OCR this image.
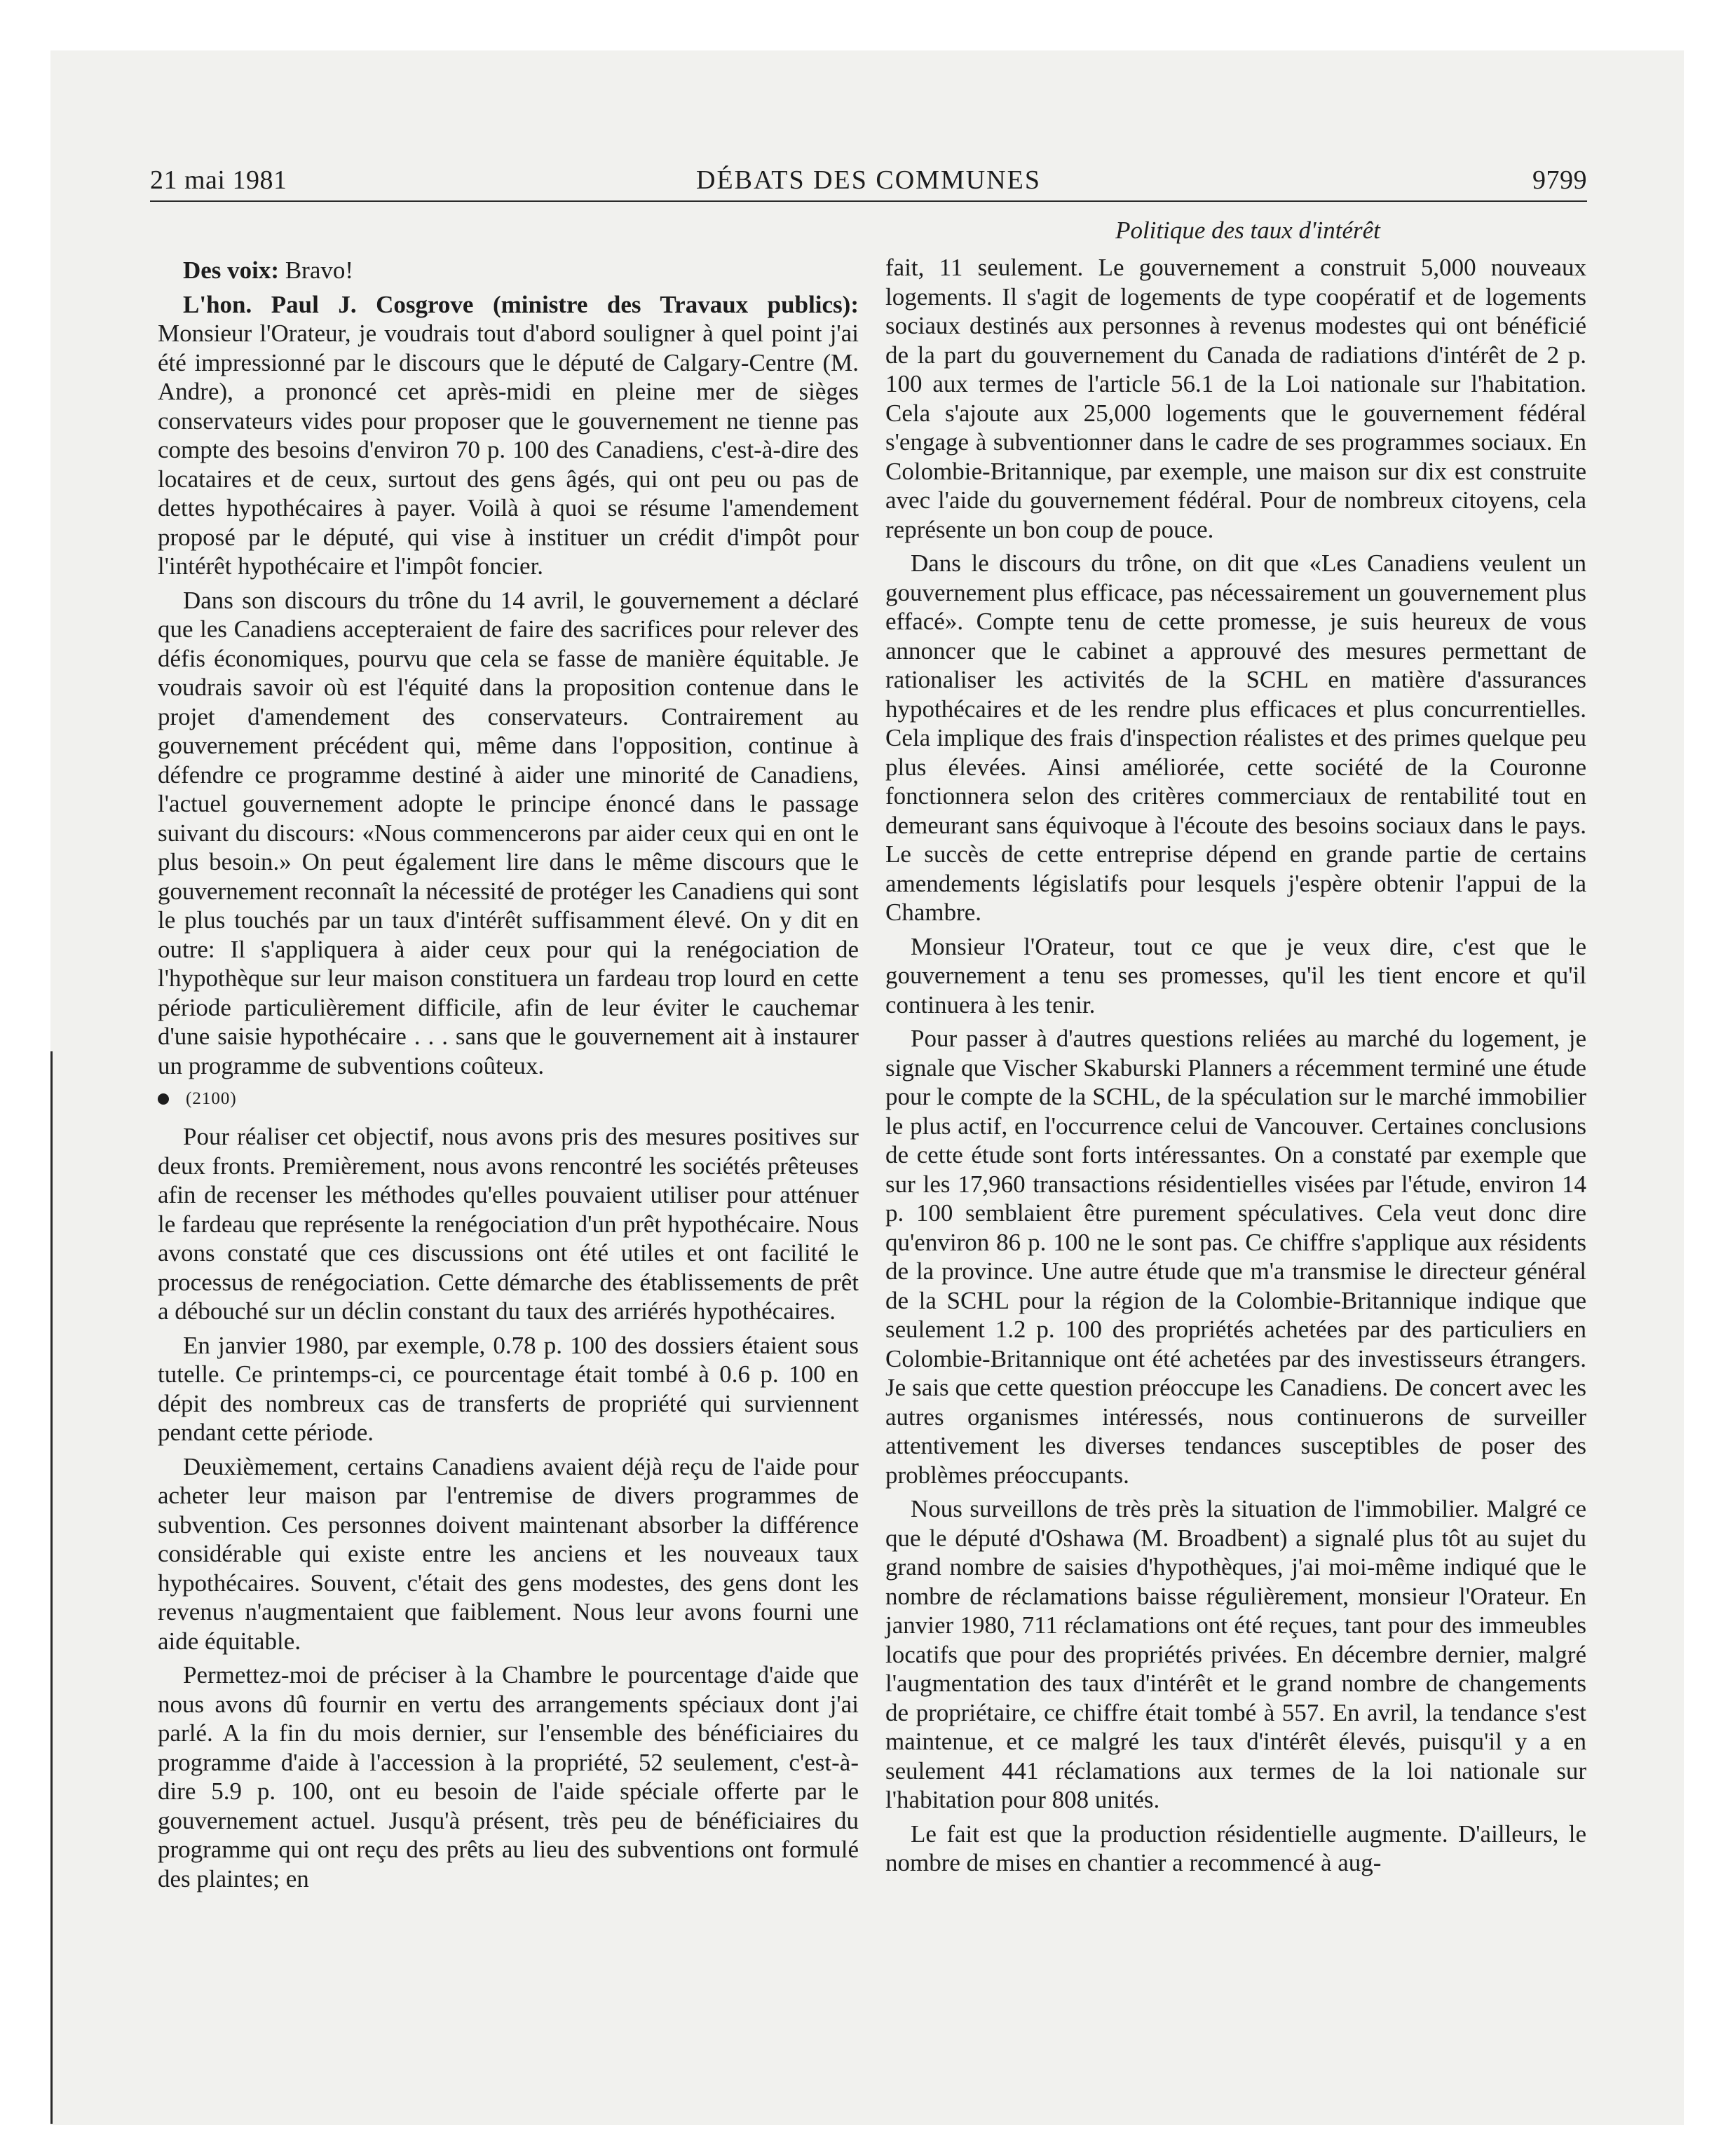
DÉBATS DES COMMUNES
21 mai 1981	9799
Politique des taux d'intérêt

Des voix: Bravo!

L'hon. Paul J. Cosgrove (ministre des Travaux publics): Monsieur l'Orateur, je voudrais tout d'abord souligner à quel point j'ai été impressionné par le discours que le député de Calgary-Centre (M. Andre), a prononcé cet après-midi en pleine mer de sièges conservateurs vides pour proposer que le gouvernement ne tienne pas compte des besoins d'environ 70 p. 100 des Canadiens, c'est-à-dire des locataires et de ceux, surtout des gens âgés, qui ont peu ou pas de dettes hypothécaires à payer. Voilà à quoi se résume l'amendement proposé par le député, qui vise à instituer un crédit d'impôt pour l'intérêt hypothécaire et l'impôt foncier.

Dans son discours du trône du 14 avril, le gouvernement a déclaré que les Canadiens accepteraient de faire des sacrifices pour relever des défis économiques, pourvu que cela se fasse de manière équitable. Je voudrais savoir où est l'équité dans la proposition contenue dans le projet d'amendement des conservateurs. Contrairement au gouvernement précédent qui, même dans l'opposition, continue à défendre ce programme destiné à aider une minorité de Canadiens, l'actuel gouvernement adopte le principe énoncé dans le passage suivant du discours: «Nous commencerons par aider ceux qui en ont le plus besoin.» On peut également lire dans le même discours que le gouvernement reconnaît la nécessité de protéger les Canadiens qui sont le plus touchés par un taux d'intérêt suffisamment élevé. On y dit en outre: Il s'appliquera à aider ceux pour qui la renégociation de l'hypothèque sur leur maison constituera un fardeau trop lourd en cette période particulièrement difficile, afin de leur éviter le cauchemar d'une saisie hypothécaire . . . sans que le gouvernement ait à instaurer un programme de subventions coûteux.

(2100)

Pour réaliser cet objectif, nous avons pris des mesures positives sur deux fronts. Premièrement, nous avons rencontré les sociétés prêteuses afin de recenser les méthodes qu'elles pouvaient utiliser pour atténuer le fardeau que représente la renégociation d'un prêt hypothécaire. Nous avons constaté que ces discussions ont été utiles et ont facilité le processus de renégociation. Cette démarche des établissements de prêt a débouché sur un déclin constant du taux des arriérés hypothécaires.

En janvier 1980, par exemple, 0.78 p. 100 des dossiers étaient sous tutelle. Ce printemps-ci, ce pourcentage était tombé à 0.6 p. 100 en dépit des nombreux cas de transferts de propriété qui surviennent pendant cette période.

Deuxièmement, certains Canadiens avaient déjà reçu de l'aide pour acheter leur maison par l'entremise de divers programmes de subvention. Ces personnes doivent maintenant absorber la différence considérable qui existe entre les anciens et les nouveaux taux hypothécaires. Souvent, c'était des gens modestes, des gens dont les revenus n'augmentaient que faiblement. Nous leur avons fourni une aide équitable.

Permettez-moi de préciser à la Chambre le pourcentage d'aide que nous avons dû fournir en vertu des arrangements spéciaux dont j'ai parlé. A la fin du mois dernier, sur l'ensemble des bénéficiaires du programme d'aide à l'accession à la propriété, 52 seulement, c'est-à-dire 5.9 p. 100, ont eu besoin de l'aide spéciale offerte par le gouvernement actuel. Jusqu'à présent, très peu de bénéficiaires du programme qui ont reçu des prêts au lieu des subventions ont formulé des plaintes; en

fait, 11 seulement. Le gouvernement a construit 5,000 nouveaux logements. Il s'agit de logements de type coopératif et de logements sociaux destinés aux personnes à revenus modestes qui ont bénéficié de la part du gouvernement du Canada de radiations d'intérêt de 2 p. 100 aux termes de l'article 56.1 de la Loi nationale sur l'habitation. Cela s'ajoute aux 25,000 logements que le gouvernement fédéral s'engage à subventionner dans le cadre de ses programmes sociaux. En Colombie-Britannique, par exemple, une maison sur dix est construite avec l'aide du gouvernement fédéral. Pour de nombreux citoyens, cela représente un bon coup de pouce.

Dans le discours du trône, on dit que «Les Canadiens veulent un gouvernement plus efficace, pas nécessairement un gouvernement plus effacé». Compte tenu de cette promesse, je suis heureux de vous annoncer que le cabinet a approuvé des mesures permettant de rationaliser les activités de la SCHL en matière d'assurances hypothécaires et de les rendre plus efficaces et plus concurrentielles. Cela implique des frais d'inspection réalistes et des primes quelque peu plus élevées. Ainsi améliorée, cette société de la Couronne fonctionnera selon des critères commerciaux de rentabilité tout en demeurant sans équivoque à l'écoute des besoins sociaux dans le pays. Le succès de cette entreprise dépend en grande partie de certains amendements législatifs pour lesquels j'espère obtenir l'appui de la Chambre.

Monsieur l'Orateur, tout ce que je veux dire, c'est que le gouvernement a tenu ses promesses, qu'il les tient encore et qu'il continuera à les tenir.

Pour passer à d'autres questions reliées au marché du logement, je signale que Vischer Skaburski Planners a récemment terminé une étude pour le compte de la SCHL, de la spéculation sur le marché immobilier le plus actif, en l'occurrence celui de Vancouver. Certaines conclusions de cette étude sont forts intéressantes. On a constaté par exemple que sur les 17,960 transactions résidentielles visées par l'étude, environ 14 p. 100 semblaient être purement spéculatives. Cela veut donc dire qu'environ 86 p. 100 ne le sont pas. Ce chiffre s'applique aux résidents de la province. Une autre étude que m'a transmise le directeur général de la SCHL pour la région de la Colombie-Britannique indique que seulement 1.2 p. 100 des propriétés achetées par des particuliers en Colombie-Britannique ont été achetées par des investisseurs étrangers. Je sais que cette question préoccupe les Canadiens. De concert avec les autres organismes intéressés, nous continuerons de surveiller attentivement les diverses tendances susceptibles de poser des problèmes préoccupants.

Nous surveillons de très près la situation de l'immobilier. Malgré ce que le député d'Oshawa (M. Broadbent) a signalé plus tôt au sujet du grand nombre de saisies d'hypothèques, j'ai moi-même indiqué que le nombre de réclamations baisse régulièrement, monsieur l'Orateur. En janvier 1980, 711 réclamations ont été reçues, tant pour des immeubles locatifs que pour des propriétés privées. En décembre dernier, malgré l'augmentation des taux d'intérêt et le grand nombre de changements de propriétaire, ce chiffre était tombé à 557. En avril, la tendance s'est maintenue, et ce malgré les taux d'intérêt élevés, puisqu'il y a en seulement 441 réclamations aux termes de la loi nationale sur l'habitation pour 808 unités.

Le fait est que la production résidentielle augmente. D'ailleurs, le nombre de mises en chantier a recommencé à aug-
